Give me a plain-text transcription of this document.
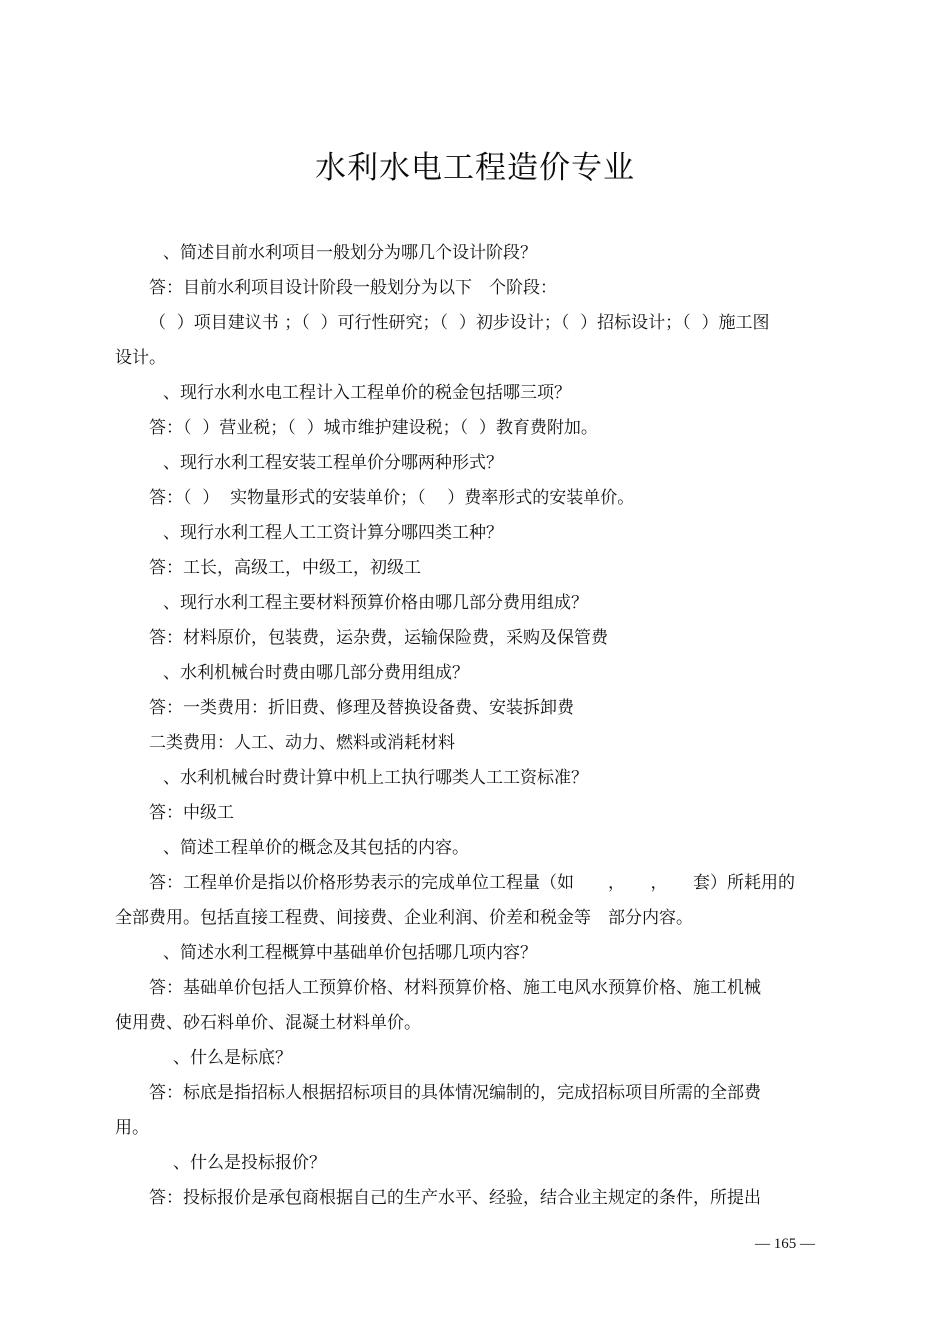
水利水电工程造价专业
、简述目前水利项目一般划分为哪几个设计阶段？
答：目前水利项目设计阶段一般划分为以下　个阶段：
（  ）项目建议书 ；（  ）可行性研究；（  ）初步设计；（  ）招标设计；（  ）施工图
设计。
、现行水利水电工程计入工程单价的税金包括哪三项？
答：（  ）营业税；（  ）城市维护建设税；（  ）教育费附加。
、现行水利工程安装工程单价分哪两种形式？
答：（  ）  实物量形式的安装单价；（    ）费率形式的安装单价。
、现行水利工程人工工资计算分哪四类工种？
答：工长，高级工，中级工，初级工
、现行水利工程主要材料预算价格由哪几部分费用组成？
答：材料原价，包装费，运杂费，运输保险费，采购及保管费
、水利机械台时费由哪几部分费用组成？
答：一类费用：折旧费、修理及替换设备费、安装拆卸费
二类费用：人工、动力、燃料或消耗材料
、水利机械台时费计算中机上工执行哪类人工工资标准？
答：中级工
、简述工程单价的概念及其包括的内容。
答：工程单价是指以价格形势表示的完成单位工程量（如　　，　　，　　套）所耗用的
全部费用。包括直接工程费、间接费、企业利润、价差和税金等　部分内容。
、简述水利工程概算中基础单价包括哪几项内容？
答：基础单价包括人工预算价格、材料预算价格、施工电风水预算价格、施工机械
使用费、砂石料单价、混凝土材料单价。
、什么是标底？
答：标底是指招标人根据招标项目的具体情况编制的，完成招标项目所需的全部费
用。
、什么是投标报价？
答：投标报价是承包商根据自己的生产水平、经验，结合业主规定的条件，所提出
— 165 —
